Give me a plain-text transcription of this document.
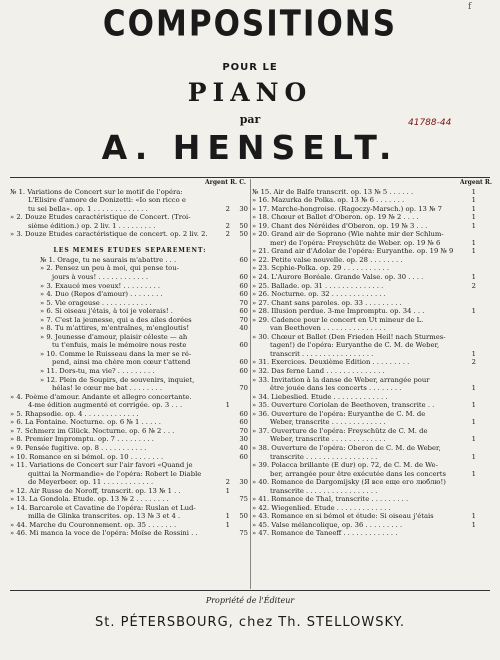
f
COMPOSITIONS
POUR LE
PIANO
par	41788-44
A. HENSELT.
Argent R. C.
№ 1. Variations de Concert sur le motif de l'opéra:
L'Elisire d'amore de Donizetti: «Io son ricco e
tu sei bella». op. 1 . . . . . . . . . . . . .	2 30
» 2. Douze Etudes caractéristique de Concert. (Troi-
sième édition.) op. 2 liv. 1 . . . . . . . . .	2 50
» 3. Douze Etudes caractéristique de concert. op. 2 liv. 2.	2 50
LES MÊMES ÉTUDES SÉPARÉMENT:
№ 1. Orage, tu ne saurais m'abattre . . .	60
» 2. Pensez un peu à moi, qui pense tou-
jours à vous! . . . . . . . . . . . .	60
» 3. Exaucé mes voeux! . . . . . . . . .	60
» 4. Duo (Repos d'amour) . . . . . . . .	60
» 5. Vie orageuse . . . . . . . . . . . .	70
» 6. Si oiseau j'étais, à toi je volerais! .	60
» 7. C'est la jeunesse, qui a des ailes dorées	70
» 8. Tu m'attires, m'entraînes, m'engloutis!	40
» 9. Jeunesse d'amour, plaisir céleste — ah
tu t'enfuis, mais le mémoire nous reste	60
» 10. Comme le Ruisseau dans la mer se ré-
pend, ainsi ma chère mon cœur t'attend	60
» 11. Dors-tu, ma vie? . . . . . . . . .	60
» 12. Plein de Soupirs, de souvenirs, inquiet,
hélas! le cœur me bat . . . . . . . .	70
» 4. Poème d'amour. Andante et allegro concertante.
4-me édition augmenté et corrigée. op. 3 . . .	1
» 5. Rhapsodie. op. 4 . . . . . . . . . . . . .	60
» 6. La Fontaine. Nocturne. op. 6 № 1 . . . . .	60
» 7. Schmerz im Glück. Nocturne. op. 6 № 2 . . .	70
» 8. Premier Impromptu. op. 7 . . . . . . . . .	30
» 9. Pensée fugitive. op. 8 . . . . . . . . . . .	40
» 10. Romance en si bémol. op. 10 . . . . . . . .	60
» 11. Variations de Concert sur l'air favori «Quand je
quittai la Normandie» de l'opéra: Robert le Diable
de Meyerbeer. op. 11 . . . . . . . . . . . .	2 30
» 12. Air Russe de Noroff, transcrit. op. 13 № 1 . .	1
» 13. La Gondola. Etude. op. 13 № 2 . . . . . . . .	75
» 14. Barcarole et Cavatine de l'opéra: Ruslan et Lud-
milla de Glinka transcrites. op. 13 № 3 et 4 .	1 50
» 44. Marche du Couronnement. op. 35 . . . . . . .	1
» 46. Mi manca la voce de l'opéra: Moïse de Rossini . .	75
Argent R.
№ 15. Air de Balfe transcrit. op. 13 № 5 . . . . . .	1
» 16. Mazurka de Polka. op. 13 № 6 . . . . . . .	1
» 17. Marche-hongroise. (Ragoczy-Marsch.) op. 13 № 7	1
» 18. Chœur et Ballet d'Oberon. op. 19 № 2 . . . .	1
» 19. Chant des Néréides d'Oberon. op. 19 № 3 . . .	1
» 20. Grand air de Soprano (Wie nahte mir der Schlum-
mer) de l'opéra: Freyschütz de Weber. op. 19 № 6	1
» 21. Grand air d'Adolar de l'opéra: Euryanthe. op. 19 № 9	1
» 22. Petite valse nouvelle. op. 28 . . . . . . . .
» 23. Scphie-Polka. op. 29 . . . . . . . . . . .
» 24. L'Aurore Boréale. Grande Valse. op. 30 . . . .	1
» 25. Ballade. op. 31 . . . . . . . . . . . . . .	2
» 26. Nocturne. op. 32 . . . . . . . . . . . . .
» 27. Chant sans paroles. op. 33 . . . . . . . . .
» 28. Illusion perdue. 3-me Impromptu. op. 34 . . .	1
» 29. Cadence pour le concert en Ut mineur de L.
van Beethoven . . . . . . . . . . . . . . .
» 30. Chœur et Ballet (Den Frieden Heil! nach Sturmes-
tagen!) de l'opéra: Euryanthe de C. M. de Weber,
transcrit . . . . . . . . . . . . . . . . .	1
» 31. Exercices. Deuxième Edition . . . . . . . . .	2
» 32. Das ferne Land . . . . . . . . . . . . . .
» 33. Invitation à la danse de Weber, arrangée pour
être jouée dans les concerts . . . . . . . .	1
» 34. Liebeslied. Etude . . . . . . . . . . . . .
» 35. Ouverture Coriolan de Beethoven, transcrite . .	1
» 36. Ouverture de l'opéra: Euryanthe de C. M. de
Weber, transcrite . . . . . . . . . . . . .	1
» 37. Ouverture de l'opéra: Freyschütz de C. M. de
Weber, transcrite . . . . . . . . . . . . .	1
» 38. Ouverture de l'opéra: Oberon de C. M. de Weber,
transcrite . . . . . . . . . . . . . . . . .	1
» 39. Polacca brillante (E dur) op. 72, de C. M. de We-
ber, arrangée pour être exécutée dans les concerts	1
» 40. Romance de Dargomijsky (Я все еще его люблю!)
transcrite . . . . . . . . . . . . . . . . .
» 41. Romance de Thal, transcrite . . . . . . . . .
» 42. Wiegenlied. Etude . . . . . . . . . . . . .
» 43. Romance en si bémol et étude: Si oiseau j'étais	1
» 45. Valse mélancolique, op. 36 . . . . . . . . .	1
» 47. Romance de Taneeff . . . . . . . . . . . . .
Propriété de l'Éditeur
St. PÉTERSBOURG, chez Th. STELLOWSKY.
